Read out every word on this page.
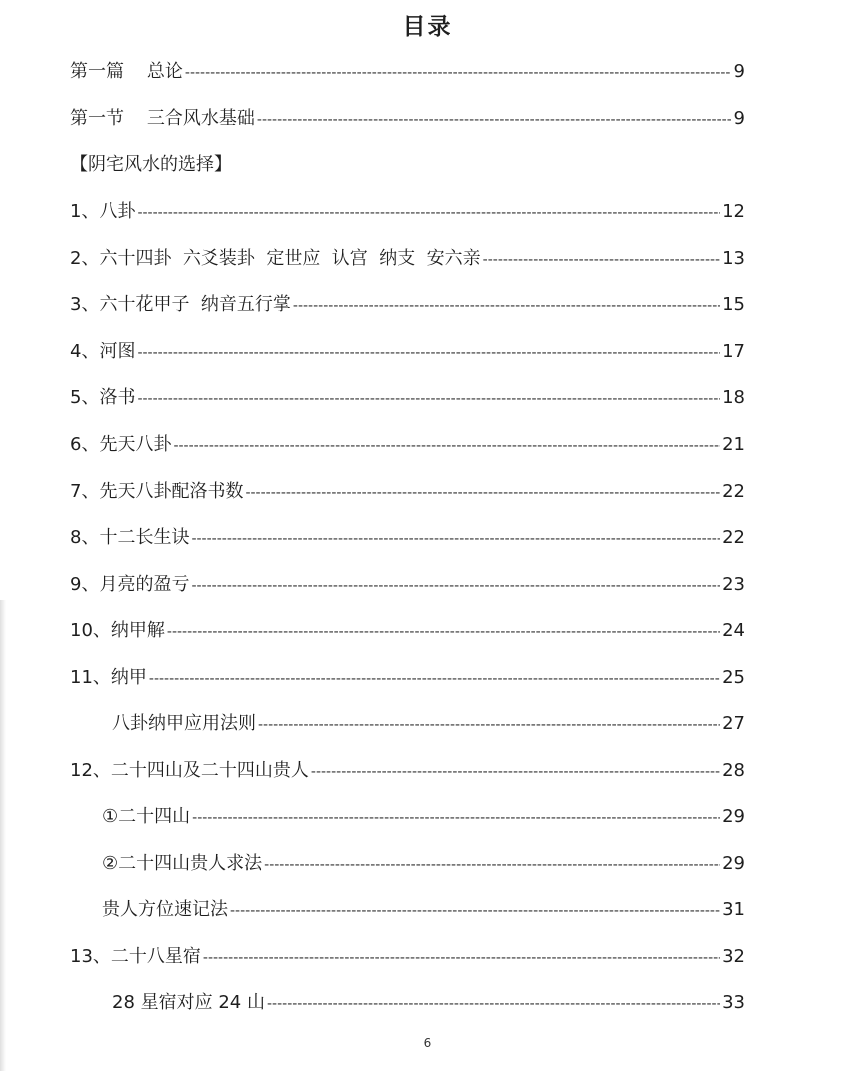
目录
第一篇    总论 -----	9
第一节    三合风水基础 -----	9
【阴宅风水的选择】
1、八卦 -----	12
2、六十四卦  六爻装卦  定世应  认宫  纳支  安六亲 -----	13
3、六十花甲子  纳音五行掌 -----	15
4、河图 -----	17
5、洛书 -----	18
6、先天八卦 -----	21
7、先天八卦配洛书数 -----	22
8、十二长生诀 -----	22
9、月亮的盈亏 -----	23
10、纳甲解 -----	24
11、纳甲 -----	25
八卦纳甲应用法则 -----	27
12、二十四山及二十四山贵人 -----	28
①二十四山 -----	29
②二十四山贵人求法 -----	29
贵人方位速记法 -----	31
13、二十八星宿 -----	32
28 星宿对应 24 山 -----	33
6
